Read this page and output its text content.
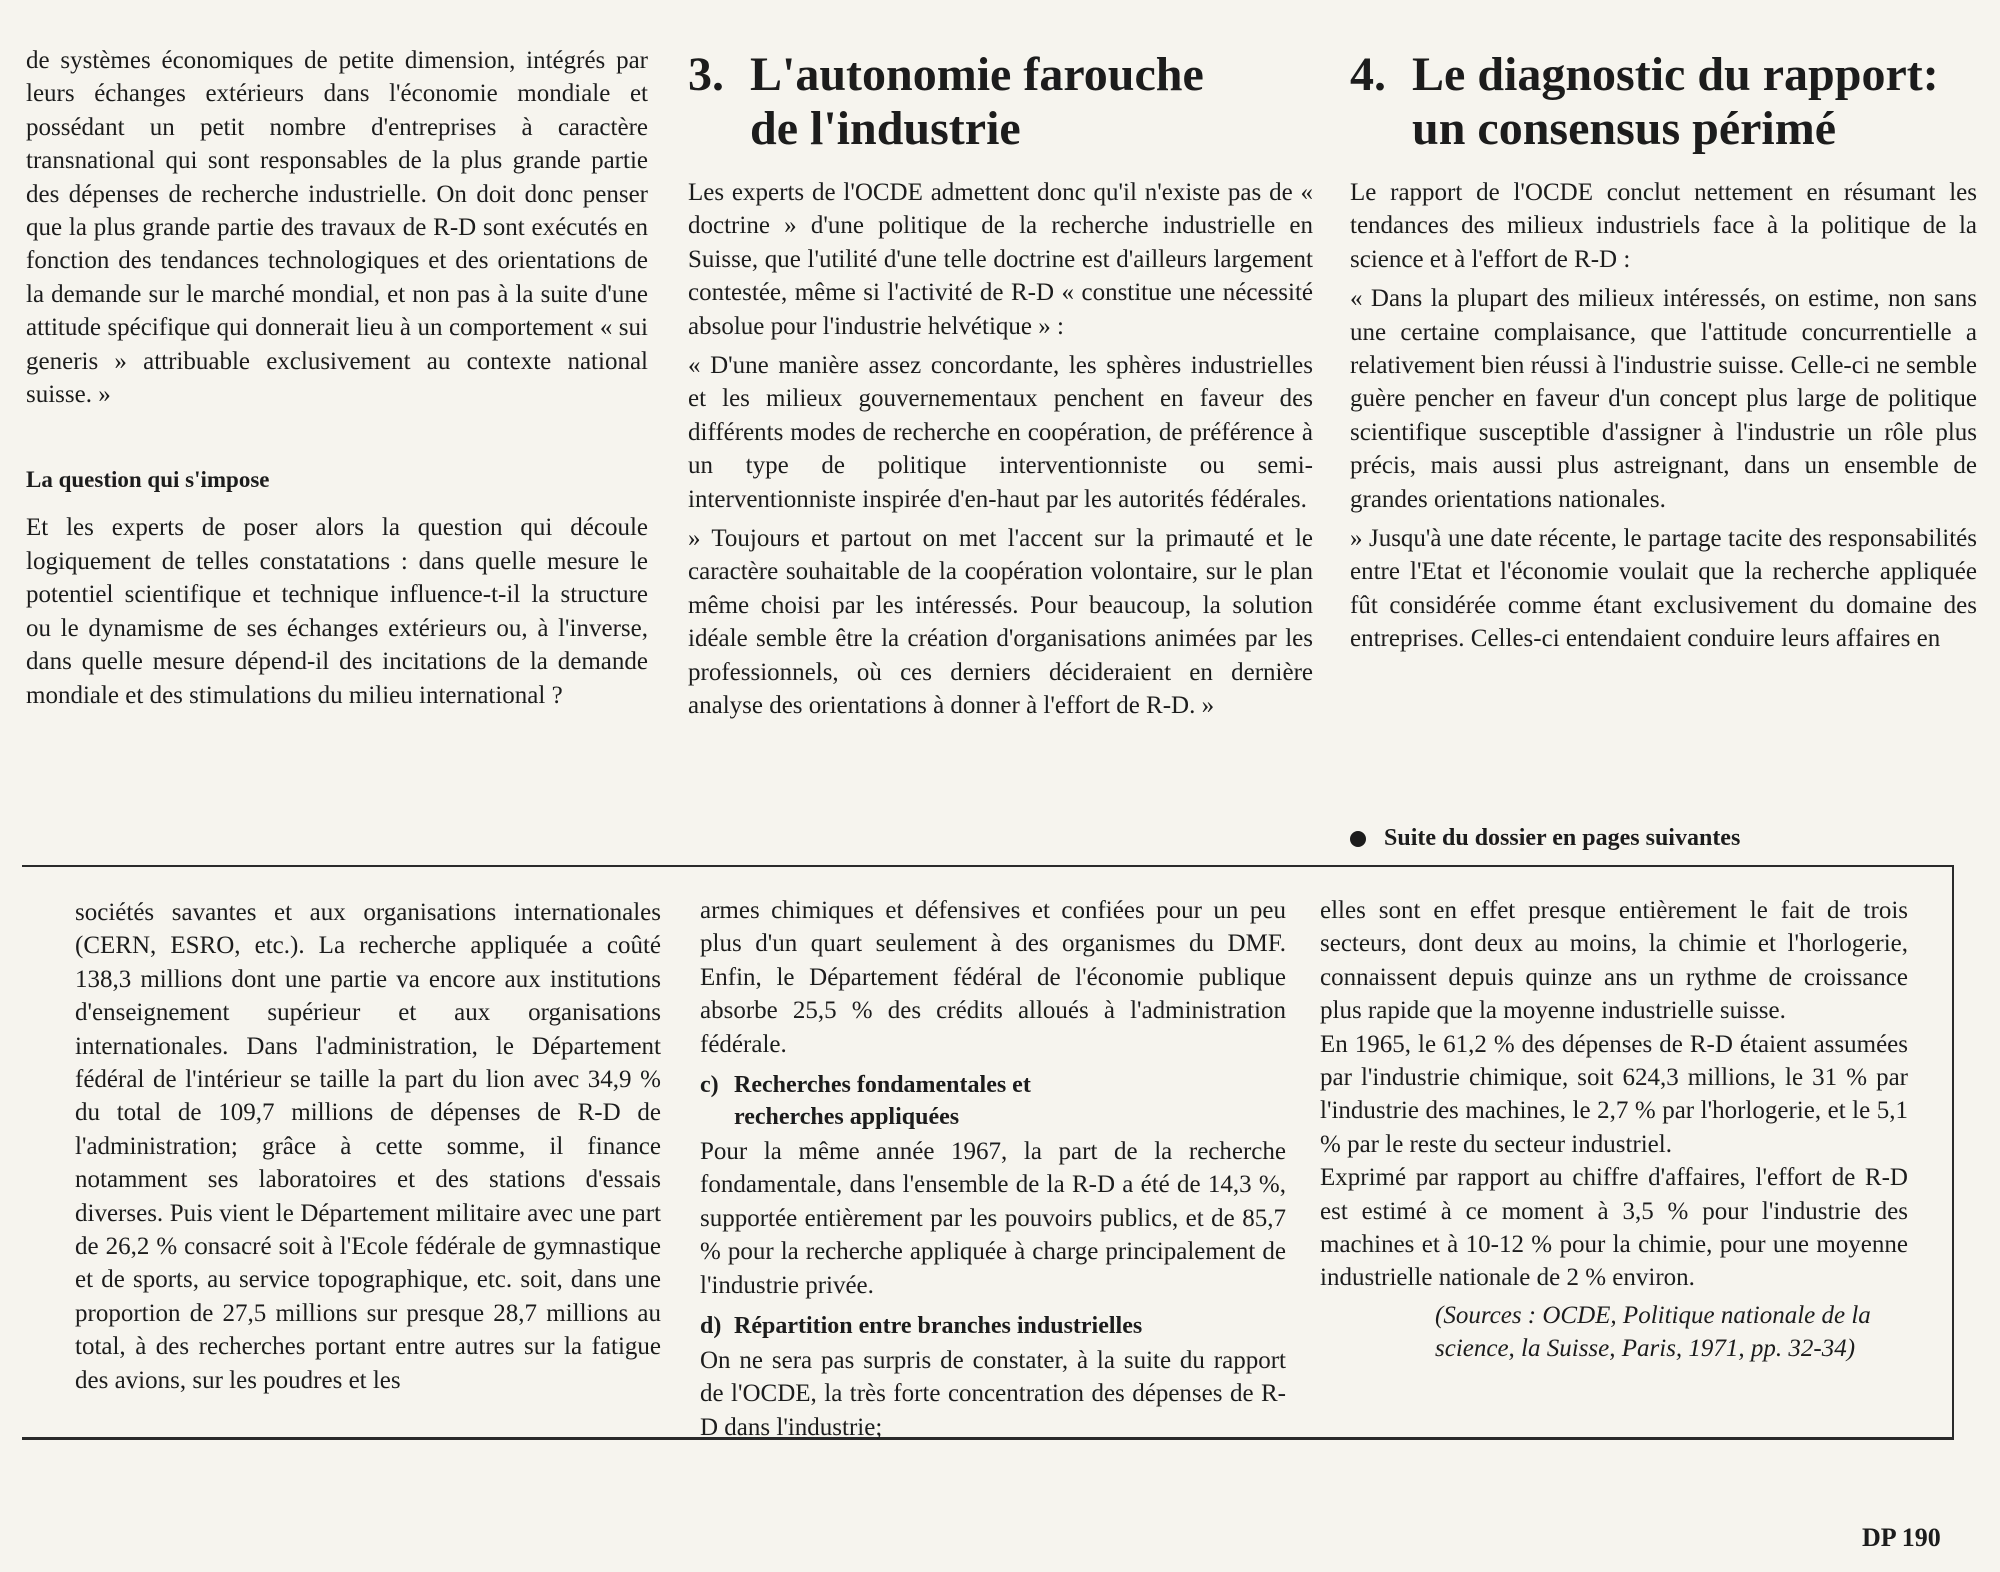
de systèmes économiques de petite dimension, intégrés par leurs échanges extérieurs dans l'économie mondiale et possédant un petit nombre d'entreprises à caractère transnational qui sont responsables de la plus grande partie des dépenses de recherche industrielle. On doit donc penser que la plus grande partie des travaux de R-D sont exécutés en fonction des tendances technologiques et des orientations de la demande sur le marché mondial, et non pas à la suite d'une attitude spécifique qui donnerait lieu à un comportement « sui generis » attribuable exclusivement au contexte national suisse. »

La question qui s'impose

Et les experts de poser alors la question qui découle logiquement de telles constatations : dans quelle mesure le potentiel scientifique et technique influence-t-il la structure ou le dynamisme de ses échanges extérieurs ou, à l'inverse, dans quelle mesure dépend-il des incitations de la demande mondiale et des stimulations du milieu international ?

3. L'autonomie farouche
de l'industrie

Les experts de l'OCDE admettent donc qu'il n'existe pas de « doctrine » d'une politique de la recherche industrielle en Suisse, que l'utilité d'une telle doctrine est d'ailleurs largement contestée, même si l'activité de R-D « constitue une nécessité absolue pour l'industrie helvétique » :

« D'une manière assez concordante, les sphères industrielles et les milieux gouvernementaux penchent en faveur des différents modes de recherche en coopération, de préférence à un type de politique interventionniste ou semi-interventionniste inspirée d'en-haut par les autorités fédérales.

» Toujours et partout on met l'accent sur la primauté et le caractère souhaitable de la coopération volontaire, sur le plan même choisi par les intéressés. Pour beaucoup, la solution idéale semble être la création d'organisations animées par les professionnels, où ces derniers décideraient en dernière analyse des orientations à donner à l'effort de R-D. »

4. Le diagnostic du rapport:
un consensus périmé

Le rapport de l'OCDE conclut nettement en résumant les tendances des milieux industriels face à la politique de la science et à l'effort de R-D :

« Dans la plupart des milieux intéressés, on estime, non sans une certaine complaisance, que l'attitude concurrentielle a relativement bien réussi à l'industrie suisse. Celle-ci ne semble guère pencher en faveur d'un concept plus large de politique scientifique susceptible d'assigner à l'industrie un rôle plus précis, mais aussi plus astreignant, dans un ensemble de grandes orientations nationales.

» Jusqu'à une date récente, le partage tacite des responsabilités entre l'Etat et l'économie voulait que la recherche appliquée fût considérée comme étant exclusivement du domaine des entreprises. Celles-ci entendaient conduire leurs affaires en

Suite du dossier en pages suivantes

sociétés savantes et aux organisations internationales (CERN, ESRO, etc.). La recherche appliquée a coûté 138,3 millions dont une partie va encore aux institutions d'enseignement supérieur et aux organisations internationales. Dans l'administration, le Département fédéral de l'intérieur se taille la part du lion avec 34,9 % du total de 109,7 millions de dépenses de R-D de l'administration; grâce à cette somme, il finance notamment ses laboratoires et des stations d'essais diverses. Puis vient le Département militaire avec une part de 26,2 % consacré soit à l'Ecole fédérale de gymnastique et de sports, au service topographique, etc. soit, dans une proportion de 27,5 millions sur presque 28,7 millions au total, à des recherches portant entre autres sur la fatigue des avions, sur les poudres et les

armes chimiques et défensives et confiées pour un peu plus d'un quart seulement à des organismes du DMF. Enfin, le Département fédéral de l'économie publique absorbe 25,5 % des crédits alloués à l'administration fédérale.

c) Recherches fondamentales et
recherches appliquées

Pour la même année 1967, la part de la recherche fondamentale, dans l'ensemble de la R-D a été de 14,3 %, supportée entièrement par les pouvoirs publics, et de 85,7 % pour la recherche appliquée à charge principalement de l'industrie privée.

d) Répartition entre branches industrielles

On ne sera pas surpris de constater, à la suite du rapport de l'OCDE, la très forte concentration des dépenses de R-D dans l'industrie;

elles sont en effet presque entièrement le fait de trois secteurs, dont deux au moins, la chimie et l'horlogerie, connaissent depuis quinze ans un rythme de croissance plus rapide que la moyenne industrielle suisse.

En 1965, le 61,2 % des dépenses de R-D étaient assumées par l'industrie chimique, soit 624,3 millions, le 31 % par l'industrie des machines, le 2,7 % par l'horlogerie, et le 5,1 % par le reste du secteur industriel.

Exprimé par rapport au chiffre d'affaires, l'effort de R-D est estimé à ce moment à 3,5 % pour l'industrie des machines et à 10-12 % pour la chimie, pour une moyenne industrielle nationale de 2 % environ.

(Sources : OCDE, Politique nationale de la science, la Suisse, Paris, 1971, pp. 32-34)

DP 190
